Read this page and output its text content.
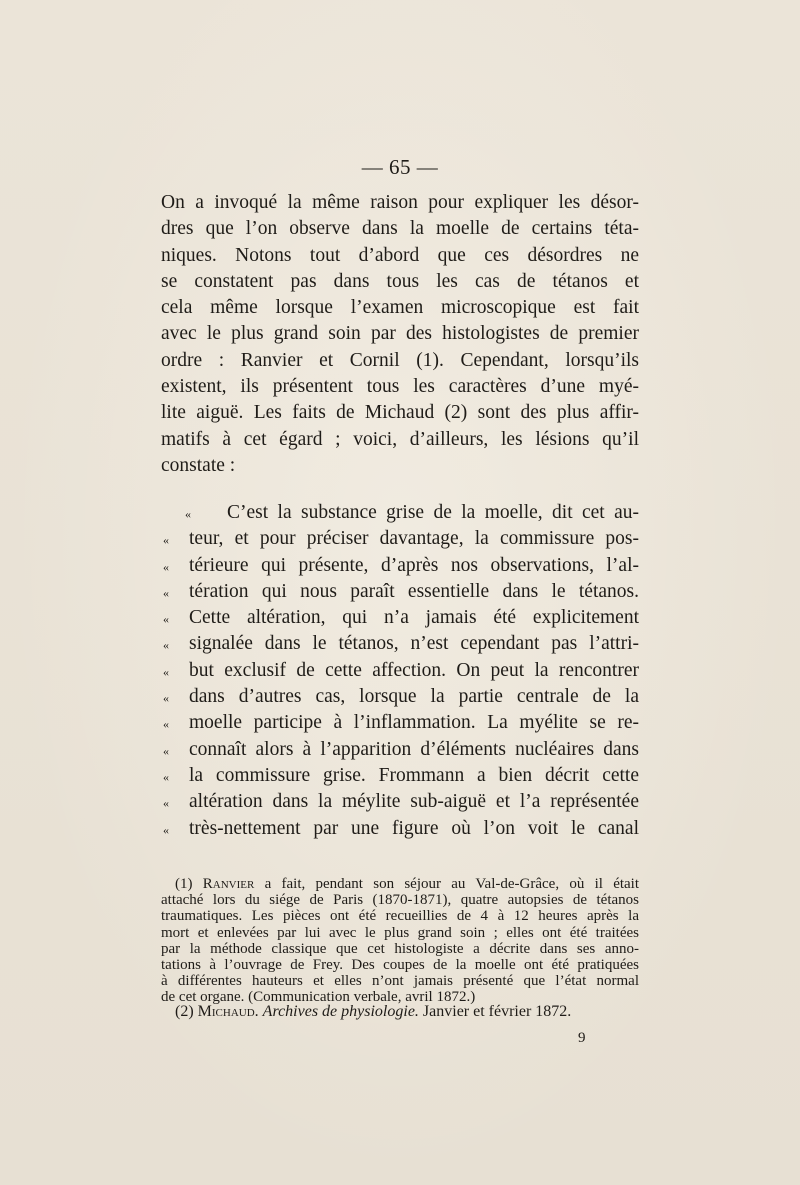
— 65 —
On a invoqué la même raison pour expliquer les désor-
dres que l’on observe dans la moelle de certains téta-
niques. Notons tout d’abord que ces désordres ne
se constatent pas dans tous les cas de tétanos et
cela même lorsque l’examen microscopique est fait
avec le plus grand soin par des histologistes de premier
ordre : Ranvier et Cornil (1). Cependant, lorsqu’ils
existent, ils présentent tous les caractères d’une myé-
lite aiguë. Les faits de Michaud (2) sont des plus affir-
matifs à cet égard ; voici, d’ailleurs, les lésions qu’il
constate :
«	C’est la substance grise de la moelle, dit cet au-
«	teur, et pour préciser davantage, la commissure pos-
«	térieure qui présente, d’après nos observations, l’al-
«	tération qui nous paraît essentielle dans le tétanos.
«	Cette altération, qui n’a jamais été explicitement
«	signalée dans le tétanos, n’est cependant pas l’attri-
«	but exclusif de cette affection. On peut la rencontrer
«	dans d’autres cas, lorsque la partie centrale de la
«	moelle participe à l’inflammation. La myélite se re-
«	connaît alors à l’apparition d’éléments nucléaires dans
«	la commissure grise. Frommann a bien décrit cette
«	altération dans la méylite sub-aiguë et l’a représentée
«	très-nettement par une figure où l’on voit le canal
(1) Ranvier a fait, pendant son séjour au Val-de-Grâce, où il était
attaché lors du siége de Paris (1870-1871), quatre autopsies de tétanos
traumatiques. Les pièces ont été recueillies de 4 à 12 heures après la
mort et enlevées par lui avec le plus grand soin ; elles ont été traitées
par la méthode classique que cet histologiste a décrite dans ses anno-
tations à l’ouvrage de Frey. Des coupes de la moelle ont été pratiquées
à différentes hauteurs et elles n’ont jamais présenté que l’état normal
de cet organe. (Communication verbale, avril 1872.)
(2) Michaud. Archives de physiologie. Janvier et février 1872.
9
